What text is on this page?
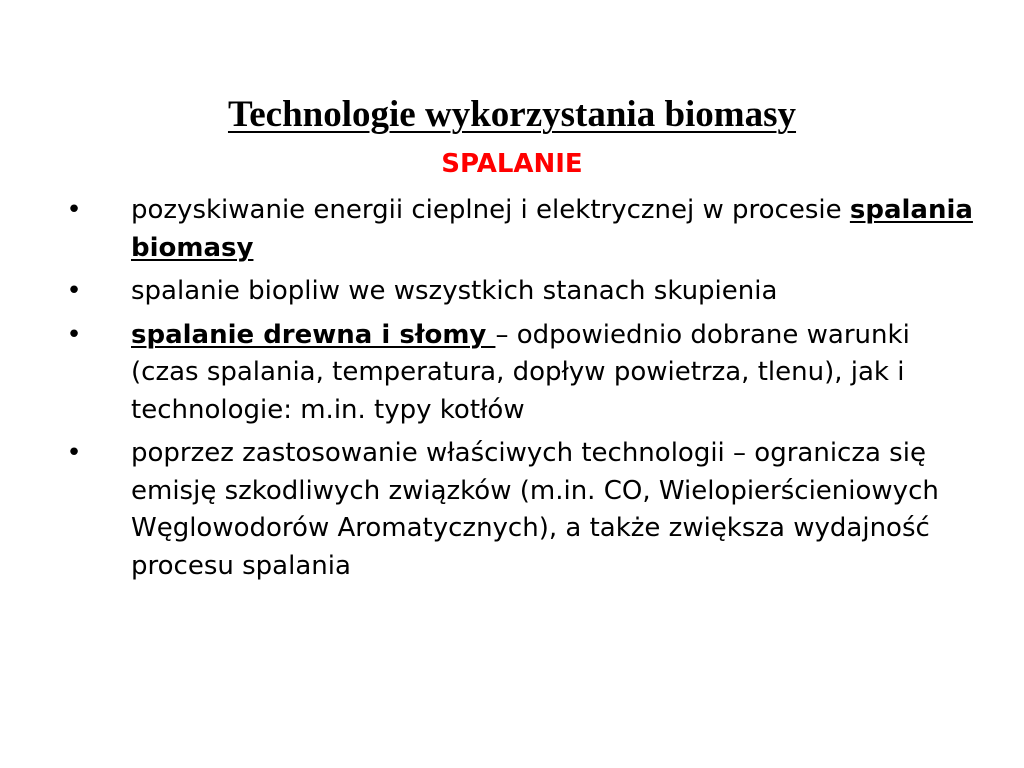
Technologie wykorzystania biomasy
SPALANIE
• pozyskiwanie energii cieplnej i elektrycznej w procesie spalania biomasy
• spalanie biopliw we wszystkich stanach skupienia
• spalanie drewna i słomy – odpowiednio dobrane warunki (czas spalania, temperatura, dopływ powietrza, tlenu), jak i technologie: m.in. typy kotłów
• poprzez zastosowanie właściwych technologii – ogranicza się emisję szkodliwych związków (m.in. CO, Wielopierścieniowych Węglowodorów Aromatycznych), a także zwiększa wydajność procesu spalania
